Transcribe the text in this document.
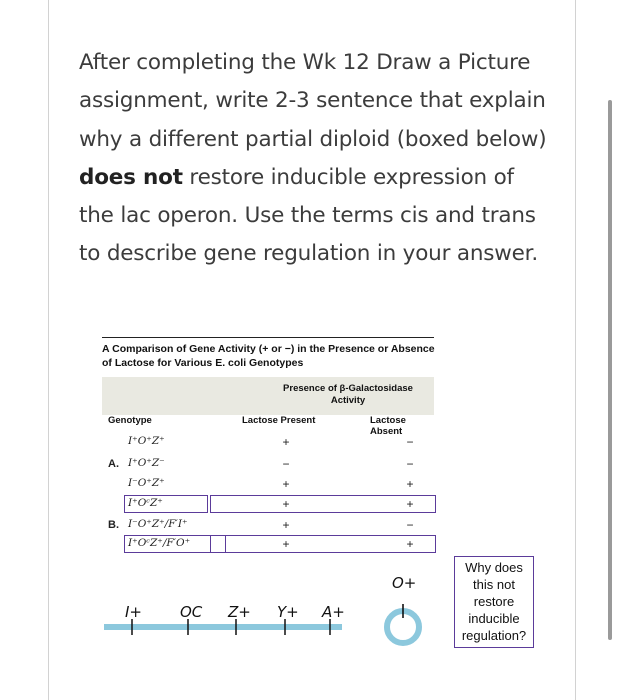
After completing the Wk 12 Draw a Picture assignment, write 2-3 sentence that explain why a different partial diploid (boxed below) does not restore inducible expression of the lac operon. Use the terms cis and trans to describe gene regulation in your answer.

A Comparison of Gene Activity (+ or −) in the Presence or Absence of Lactose for Various E. coli Genotypes

Presence of β-Galactosidase Activity
Genotype	Lactose Present	Lactose Absent
I⁺O⁺Z⁺	+	−
A. I⁺O⁺Z⁻	−	−
I⁻O⁺Z⁺	+	+
I⁺OᶜZ⁺	+	+
B. I⁻O⁺Z⁺/F′I⁺	+	−
I⁺OᶜZ⁺/F′O⁺	+	+
I+	OC Z+ Y+ A+
O+
Why does this not restore inducible regulation?
